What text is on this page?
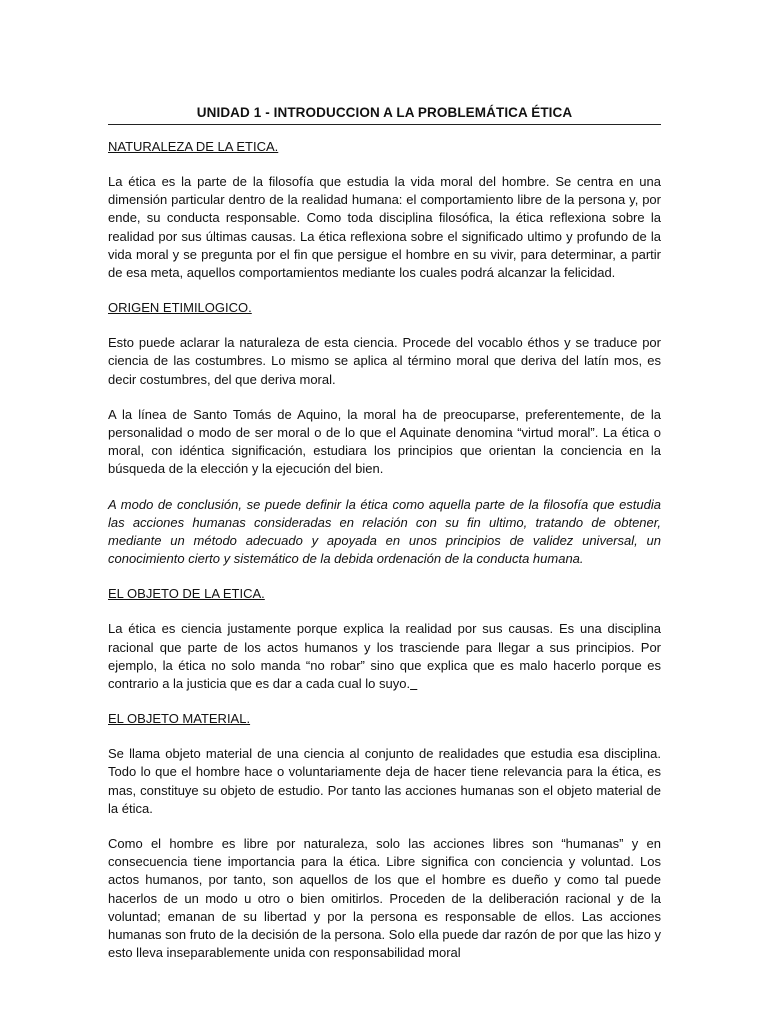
UNIDAD 1 - INTRODUCCION A LA PROBLEMÁTICA ÉTICA
NATURALEZA DE LA ETICA.

La ética es la parte de la filosofía que estudia la vida moral del hombre. Se centra en una dimensión particular dentro de la realidad humana: el comportamiento libre de la persona y, por ende, su conducta responsable. Como toda disciplina filosófica, la ética reflexiona sobre la realidad por sus últimas causas. La ética reflexiona sobre el significado ultimo y profundo de la vida moral y se pregunta por el fin que persigue el hombre en su vivir, para determinar, a partir de esa meta, aquellos comportamientos mediante los cuales podrá alcanzar la felicidad.

ORIGEN ETIMILOGICO.

Esto puede aclarar la naturaleza de esta ciencia. Procede del vocablo éthos y se traduce por ciencia de las costumbres. Lo mismo se aplica al término moral que deriva del latín mos, es decir costumbres, del que deriva moral.

A la línea de Santo Tomás de Aquino, la moral ha de preocuparse, preferentemente, de la personalidad o modo de ser moral o de lo que el Aquinate denomina “virtud moral”. La ética o moral, con idéntica significación, estudiara los principios que orientan la conciencia en la búsqueda de la elección y la ejecución del bien.

A modo de conclusión, se puede definir la ética como aquella parte de la filosofía que estudia las acciones humanas consideradas en relación con su fin ultimo, tratando de obtener, mediante un método adecuado y apoyada en unos principios de validez universal, un conocimiento cierto y sistemático de la debida ordenación de la conducta humana.

EL OBJETO DE LA ETICA.

La ética es ciencia justamente porque explica la realidad por sus causas. Es una disciplina racional que parte de los actos humanos y los trasciende para llegar a sus principios. Por ejemplo, la ética no solo manda “no robar” sino que explica que es malo hacerlo porque es contrario a la justicia que es dar a cada cual lo suyo.

EL OBJETO MATERIAL.

Se llama objeto material de una ciencia al conjunto de realidades que estudia esa disciplina. Todo lo que el hombre hace o voluntariamente deja de hacer tiene relevancia para la ética, es mas, constituye su objeto de estudio. Por tanto las acciones humanas son el objeto material de la ética.

Como el hombre es libre por naturaleza, solo las acciones libres son “humanas” y en consecuencia tiene importancia para la ética. Libre significa con conciencia y voluntad. Los actos humanos, por tanto, son aquellos de los que el hombre es dueño y como tal puede hacerlos de un modo u otro o bien omitirlos. Proceden de la deliberación racional y de la voluntad; emanan de su libertad y por la persona es responsable de ellos. Las acciones humanas son fruto de la decisión de la persona. Solo ella puede dar razón de por que las hizo y esto lleva inseparablemente unida con responsabilidad moral
